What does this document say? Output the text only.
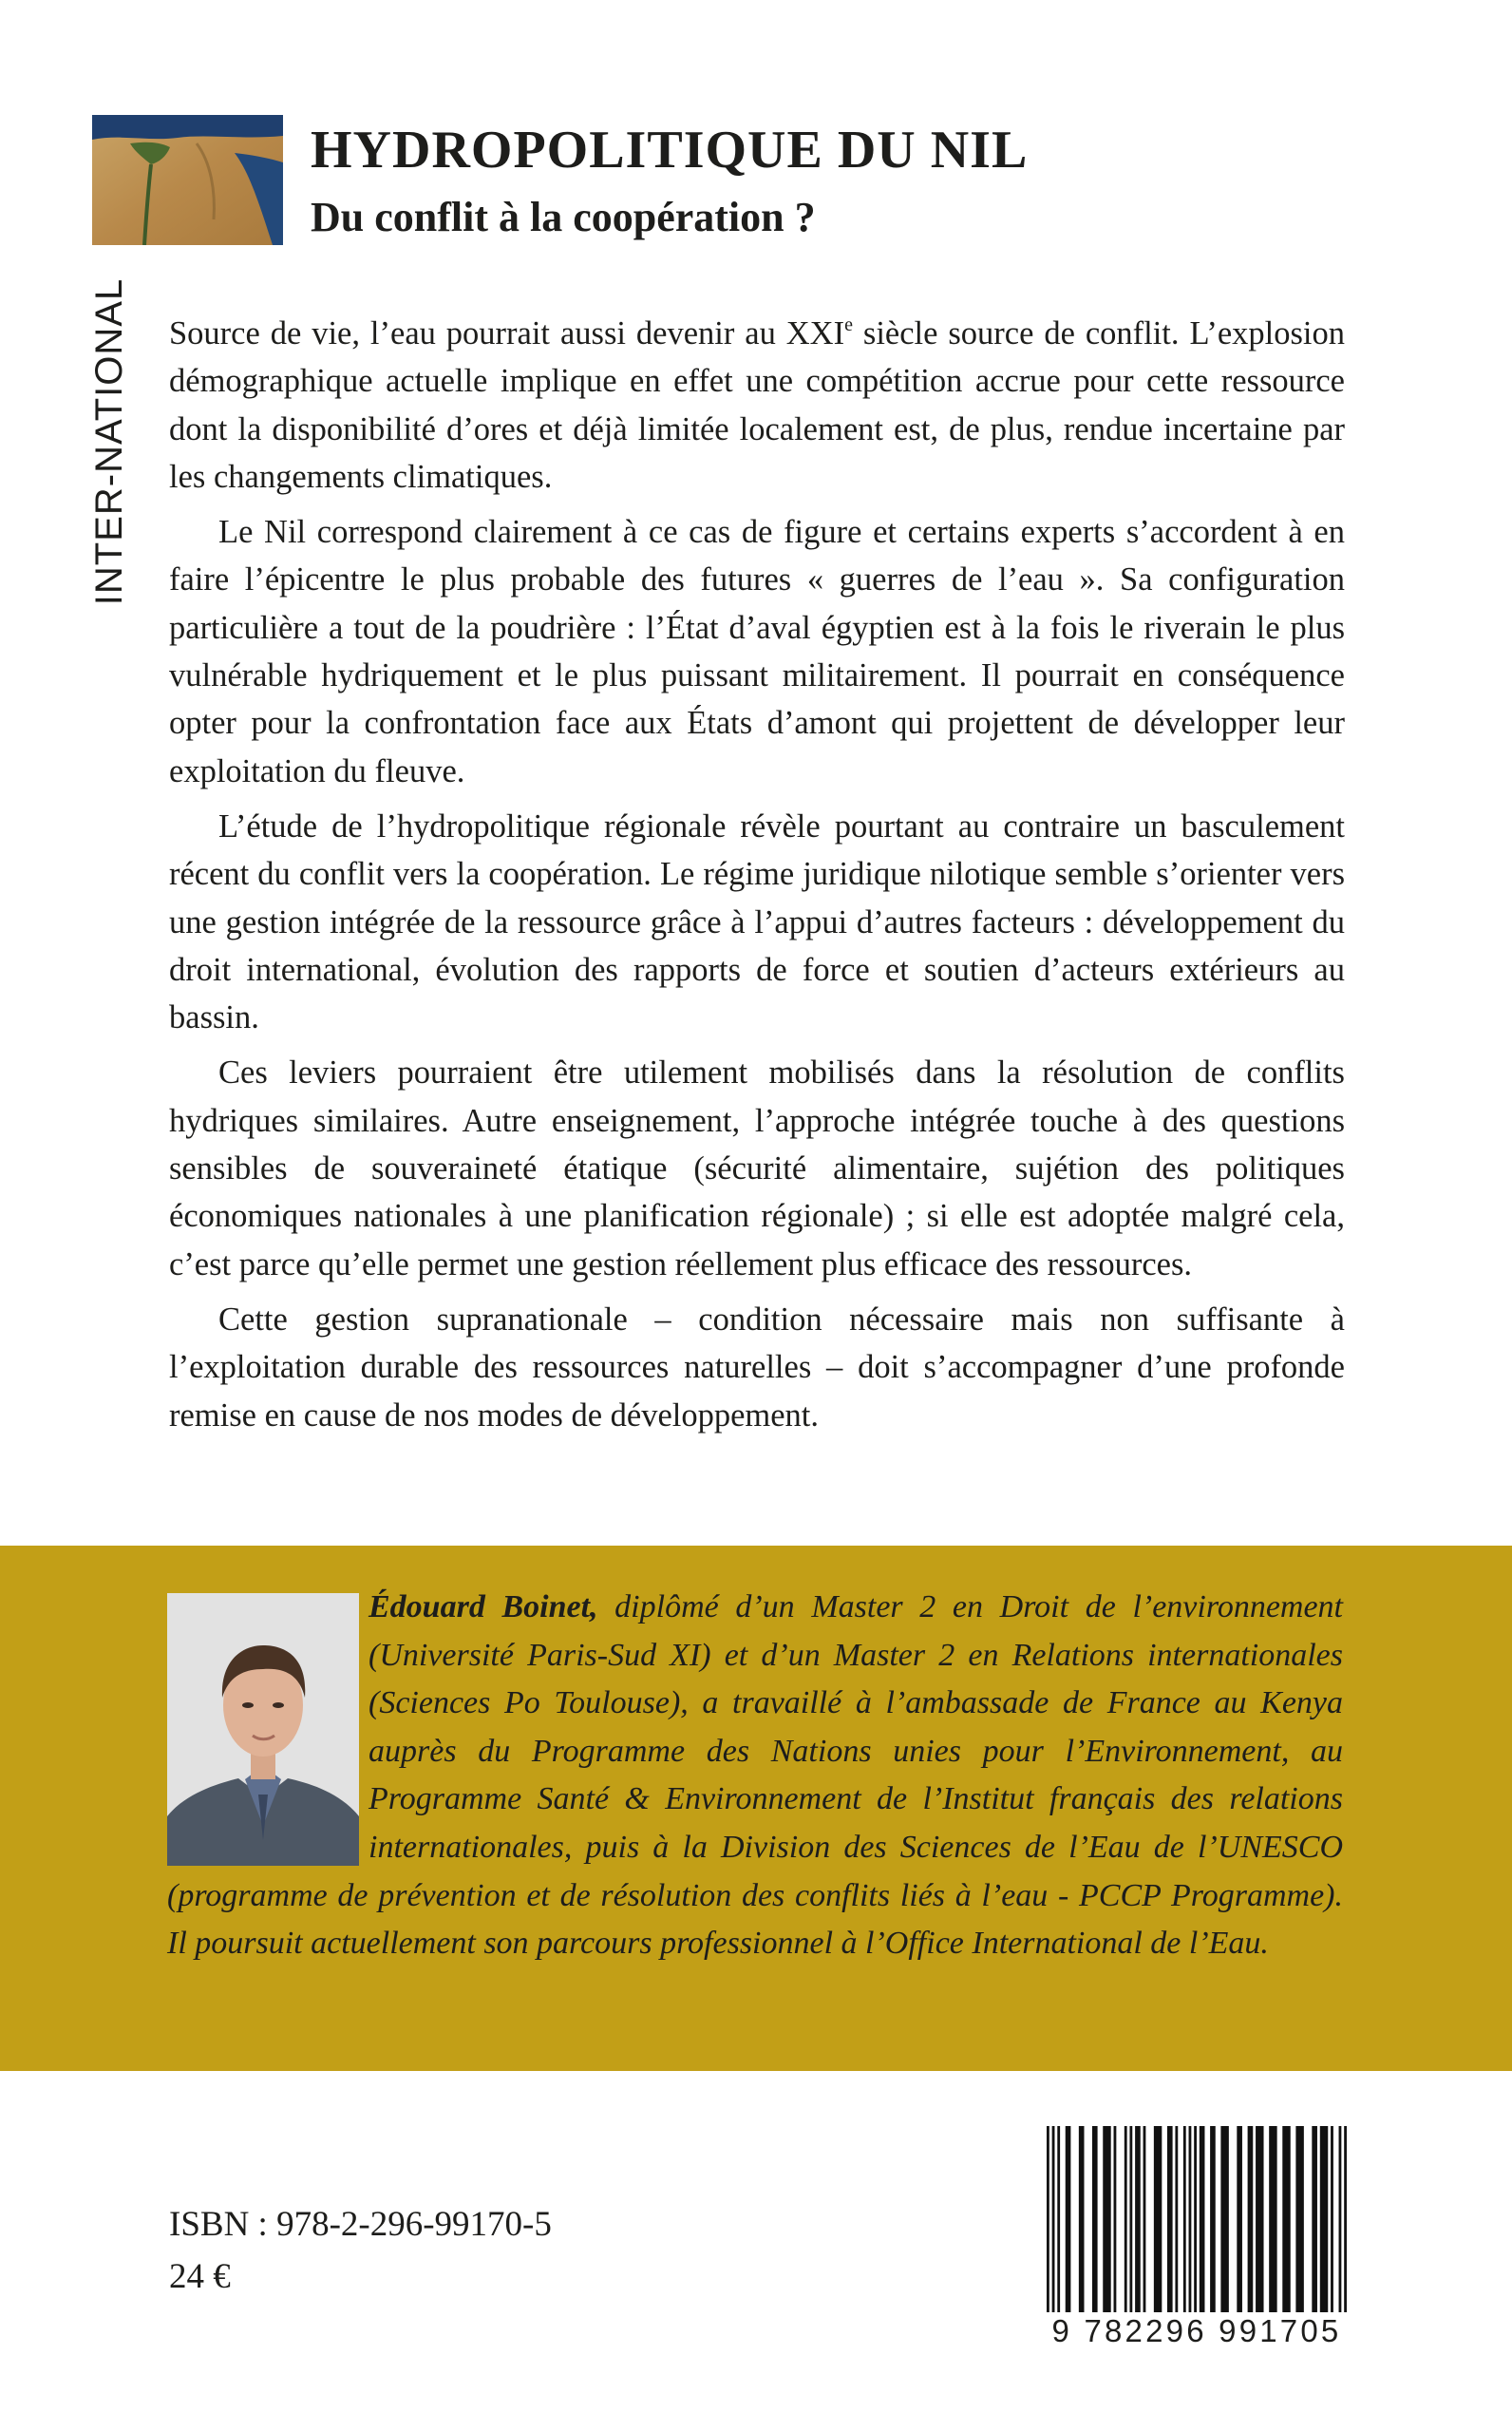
HYDROPOLITIQUE DU NIL
Du conflit à la coopération ?
INTER-NATIONAL Source de vie, l’eau pourrait aussi devenir au XXIe siècle source de conflit. L’explosion démographique actuelle implique en effet une compétition accrue pour cette ressource dont la disponibilité d’ores et déjà limitée localement est, de plus, rendue incertaine par les changements climatiques.

Le Nil correspond clairement à ce cas de figure et certains experts s’accordent à en faire l’épicentre le plus probable des futures « guerres de l’eau ». Sa configuration particulière a tout de la poudrière : l’État d’aval égyptien est à la fois le riverain le plus vulnérable hydriquement et le plus puissant militairement. Il pourrait en conséquence opter pour la confrontation face aux États d’amont qui projettent de développer leur exploitation du fleuve.

L’étude de l’hydropolitique régionale révèle pourtant au contraire un basculement récent du conflit vers la coopération. Le régime juridique nilotique semble s’orienter vers une gestion intégrée de la ressource grâce à l’appui d’autres facteurs : développement du droit international, évolution des rapports de force et soutien d’acteurs extérieurs au bassin.

Ces leviers pourraient être utilement mobilisés dans la résolution de conflits hydriques similaires. Autre enseignement, l’approche intégrée touche à des questions sensibles de souveraineté étatique (sécurité alimentaire, sujétion des politiques économiques nationales à une planification régionale) ; si elle est adoptée malgré cela, c’est parce qu’elle permet une gestion réellement plus efficace des ressources.

Cette gestion supranationale – condition nécessaire mais non suffisante à l’exploitation durable des ressources naturelles – doit s’accompagner d’une profonde remise en cause de nos modes de développement.

Édouard Boinet, diplômé d’un Master 2 en Droit de l’environnement (Université Paris-Sud XI) et d’un Master 2 en Relations internationales (Sciences Po Toulouse), a travaillé à l’ambassade de France au Kenya auprès du Programme des Nations unies pour l’Environnement, au Programme Santé & Environnement de l’Institut français des relations internationales, puis à la Division des Sciences de l’Eau de l’UNESCO (programme de prévention et de résolution des conflits liés à l’eau - PCCP Programme). Il poursuit actuellement son parcours professionnel à l’Office International de l’Eau.

ISBN : 978-2-296-99170-5

24 €

9 782296 991705
